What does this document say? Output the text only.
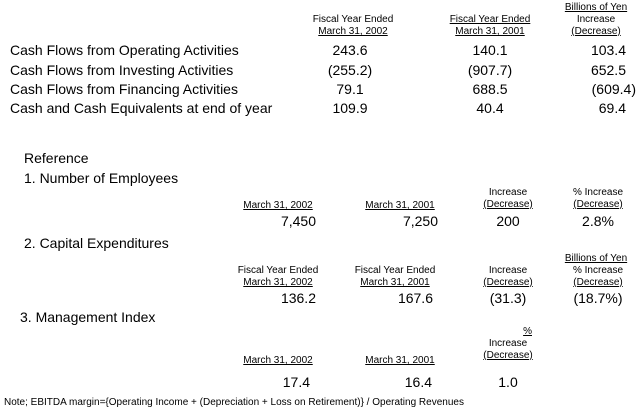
Billions of Yen
Fiscal Year Ended
March 31, 2002
Fiscal Year Ended
March 31, 2001
Increase
(Decrease)
Cash Flows from Operating Activities	243.6	140.1	103.4
Cash Flows from Investing Activities	(255.2)	(907.7)	652.5
Cash Flows from Financing Activities	79.1	688.5	(609.4)
Cash and Cash Equivalents at end of year	109.9	40.4	69.4
Reference
1. Number of Employees
March 31, 2002	March 31, 2001
Increase
(Decrease)
% Increase
(Decrease)
7,450	7,250	200	2.8%
2. Capital Expenditures
Billions of Yen
Fiscal Year Ended
March 31, 2002
Fiscal Year Ended
March 31, 2001
Increase
(Decrease)
% Increase
(Decrease)
136.2	167.6	(31.3)	(18.7%)
3. Management Index
%
Increase
(Decrease)
March 31, 2002	March 31, 2001
17.4	16.4	1.0
Note; EBITDA margin={Operating Income + (Depreciation + Loss on Retirement)} / Operating Revenues
